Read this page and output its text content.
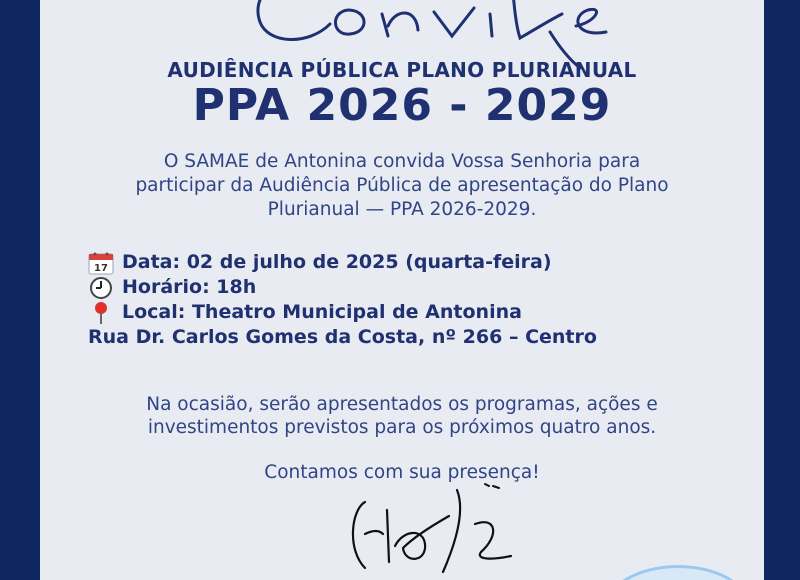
AUDIÊNCIA PÚBLICA PLANO PLURIANUAL
PPA 2026 - 2029
O SAMAE de Antonina convida Vossa Senhoria para
participar da Audiência Pública de apresentação do Plano
Plurianual — PPA 2026-2029.
17 Data: 02 de julho de 2025 (quarta-feira)
Horário: 18h
Local: Theatro Municipal de Antonina
Rua Dr. Carlos Gomes da Costa, nº 266 – Centro
Na ocasião, serão apresentados os programas, ações e
investimentos previstos para os próximos quatro anos.
Contamos com sua presença!
